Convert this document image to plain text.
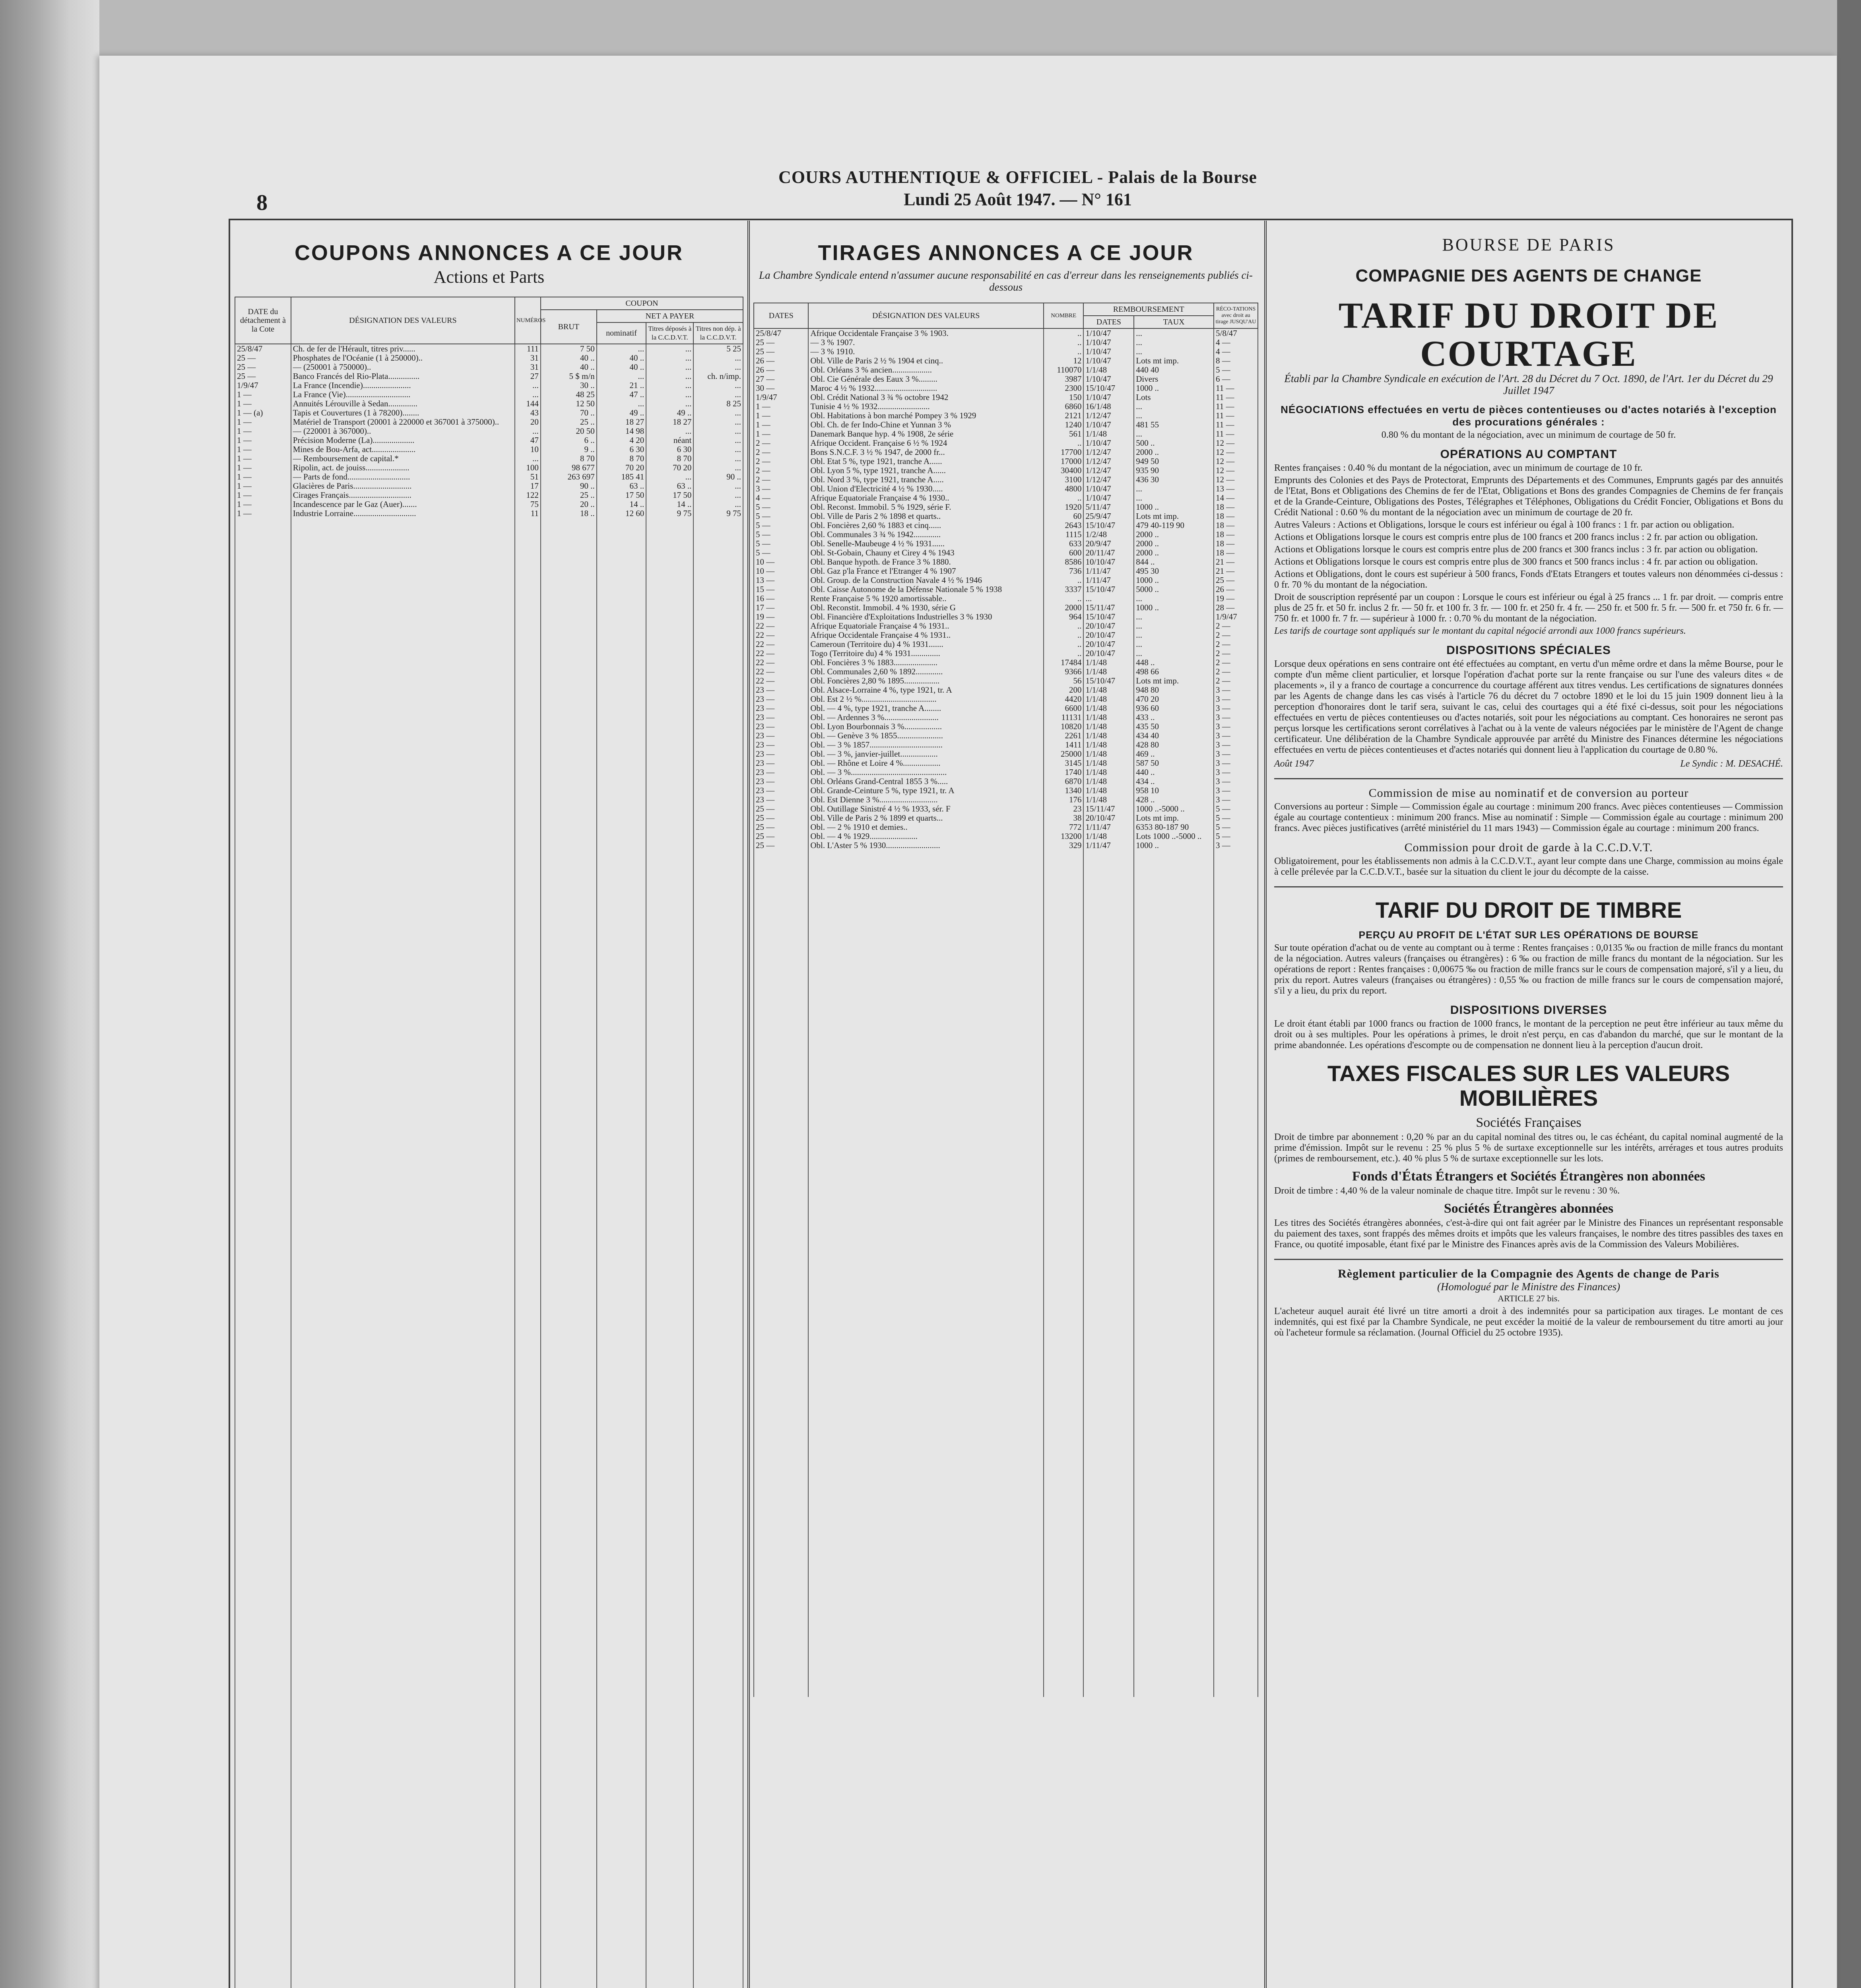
8
COURS AUTHENTIQUE & OFFICIEL - Palais de la Bourse
Lundi 25 Août 1947. — N° 161
COUPONS ANNONCES A CE JOUR
Actions et Parts
DATE du détachement à la Cote	DÉSIGNATION DES VALEURS	NUMÉROS	COUPON			
			BRUT	NET A PAYER		
				nominatif	Titres déposés à la C.C.D.V.T.	Titres non dép. à la C.C.D.V.T.
25/8/47	Ch. de fer de l'Hérault, titres priv......	111	7 50	...	...	5 25
25 —	Phosphates de l'Océanie (1 à 250000)..	31	40 ..	40 ..	...	...
25 —	— (250001 à 750000)..	31	40 ..	40 ..	...	...
25 —	Banco Francés del Rio-Plata...............	27	5 $ m/n	...	...	ch. n/imp.
1/9/47	La France (Incendie).......................	...	30 ..	21 ..	...	...
1 —	La France (Vie)...............................	...	48 25	47 ..	...	...
1 —	Annuités Lérouville à Sedan..............	144	12 50	...	...	8 25
1 — (a)	Tapis et Couvertures (1 à 78200)........	43	70 ..	49 ..	49 ..	...
1 —	Matériel de Transport (20001 à 220000 et 367001 à 375000)..	20	25 ..	18 27	18 27	...
1 —	— (220001 à 367000)..	...	20 50	14 98	...	...
1 —	Précision Moderne (La)....................	47	6 ..	4 20	néant	...
1 —	Mines de Bou-Arfa, act.....................	10	9 ..	6 30	6 30	...
1 —	— Remboursement de capital.*	...	8 70	8 70	8 70	...
1 —	Ripolin, act. de jouiss.....................	100	98 677	70 20	70 20	...
1 —	— Parts de fond..............................	51	263 697	185 41	...	90 ..
1 —	Glacières de Paris............................	17	90 ..	63 ..	63 ..	...
1 —	Cirages Français..............................	122	25 ..	17 50	17 50	...
1 —	Incandescence par le Gaz (Auer).......	75	20 ..	14 ..	14 ..	...
1 —	Industrie Lorraine..............................	11	18 ..	12 60	9 75	9 75

TIRAGES ANNONCES A CE JOUR
La Chambre Syndicale entend n'assumer aucune responsabilité en cas d'erreur dans les renseignements publiés ci-dessous
DATES	DÉSIGNATION DES VALEURS	NOMBRE	REMBOURSEMENT		RÉCO-TATIONS avec droit au tirage JUSQU'AU
			DATES	TAUX	
25/8/47	Afrique Occidentale Française 3 % 1903.	..	1/10/47	...	5/8/47
25 —	— 3 % 1907.	..	1/10/47	...	4 —
25 —	— 3 % 1910.	..	1/10/47	...	4 —
26 —	Obl. Ville de Paris 2 ½ % 1904 et cinq..	12	1/10/47	Lots mt imp.	8 —
26 —	Obl. Orléans 3 % ancien...................	110070	1/1/48	440 40	5 —
27 —	Obl. Cie Générale des Eaux 3 %.........	3987	1/10/47	Divers	6 —
30 —	Maroc 4 ½ % 1932..............................	2300	15/10/47	1000 ..	11 —
1/9/47	Obl. Crédit National 3 ¾ % octobre 1942	150	1/10/47	Lots	11 —
1 —	Tunisie 4 ½ % 1932.........................	6860	16/1/48	...	11 —
1 —	Obl. Habitations à bon marché Pompey 3 % 1929	2121	1/12/47	...	11 —
1 —	Obl. Ch. de fer Indo-Chine et Yunnan 3 %	1240	1/10/47	481 55	11 —
1 —	Danemark Banque hyp. 4 % 1908, 2e série	561	1/1/48	...	11 —
2 —	Afrique Occident. Française 6 ½ % 1924	..	1/10/47	500 ..	12 —
2 —	Bons S.N.C.F. 3 ½ % 1947, de 2000 fr...	17700	1/12/47	2000 ..	12 —
2 —	Obl. Etat 5 %, type 1921, tranche A......	17000	1/12/47	949 50	12 —
2 —	Obl. Lyon 5 %, type 1921, tranche A......	30400	1/12/47	935 90	12 —
2 —	Obl. Nord 3 %, type 1921, tranche A.....	3100	1/12/47	436 30	12 —
3 —	Obl. Union d'Electricité 4 ½ % 1930.....	4800	1/10/47	...	13 —
4 —	Afrique Equatoriale Française 4 % 1930..	..	1/10/47	...	14 —
5 —	Obl. Reconst. Immobil. 5 % 1929, série F.	1920	5/11/47	1000 ..	18 —
5 —	Obl. Ville de Paris 2 % 1898 et quarts..	60	25/9/47	Lots mt imp.	18 —
5 —	Obl. Foncières 2,60 % 1883 et cinq......	2643	15/10/47	479 40-119 90	18 —
5 —	Obl. Communales 3 ¾ % 1942.............	1115	1/2/48	2000 ..	18 —
5 —	Obl. Senelle-Maubeuge 4 ½ % 1931......	633	20/9/47	2000 ..	18 —
5 —	Obl. St-Gobain, Chauny et Cirey 4 % 1943	600	20/11/47	2000 ..	18 —
10 —	Obl. Banque hypoth. de France 3 % 1880.	8586	10/10/47	844 ..	21 —
10 —	Obl. Gaz p'la France et l'Etranger 4 % 1907	736	1/11/47	495 30	21 —
13 —	Obl. Group. de la Construction Navale 4 ½ % 1946	..	1/11/47	1000 ..	25 —
15 —	Obl. Caisse Autonome de la Défense Nationale 5 % 1938	3337	15/10/47	5000 ..	26 —
16 —	Rente Française 5 % 1920 amortissable..	..	...	...	19 —
17 —	Obl. Reconstit. Immobil. 4 % 1930, série G	2000	15/11/47	1000 ..	28 —
19 —	Obl. Financière d'Exploitations Industrielles 3 % 1930	964	15/10/47	...	1/9/47
22 —	Afrique Equatoriale Française 4 % 1931..	..	20/10/47	...	2 —
22 —	Afrique Occidentale Française 4 % 1931..	..	20/10/47	...	2 —
22 —	Cameroun (Territoire du) 4 % 1931.......	..	20/10/47	...	2 —
22 —	Togo (Territoire du) 4 % 1931..............	..	20/10/47	...	2 —
22 —	Obl. Foncières 3 % 1883.....................	17484	1/1/48	448 ..	2 —
22 —	Obl. Communales 2,60 % 1892.............	9366	1/1/48	498 66	2 —
22 —	Obl. Foncières 2,80 % 1895.................	56	15/10/47	Lots mt imp.	2 —
23 —	Obl. Alsace-Lorraine 4 %, type 1921, tr. A	200	1/1/48	948 80	3 —
23 —	Obl. Est 2 ½ %....................................	4420	1/1/48	470 20	3 —
23 —	Obl. — 4 %, type 1921, tranche A........	6600	1/1/48	936 60	3 —
23 —	Obl. — Ardennes 3 %..........................	11131	1/1/48	433 ..	3 —
23 —	Obl. Lyon Bourbonnais 3 %..................	10820	1/1/48	435 50	3 —
23 —	Obl. — Genève 3 % 1855......................	2261	1/1/48	434 40	3 —
23 —	Obl. — 3 % 1857...................................	1411	1/1/48	428 80	3 —
23 —	Obl. — 3 %, janvier-juillet..................	25000	1/1/48	469 ..	3 —
23 —	Obl. — Rhône et Loire 4 %..................	3145	1/1/48	587 50	3 —
23 —	Obl. — 3 %..............................................	1740	1/1/48	440 ..	3 —
23 —	Obl. Orléans Grand-Central 1855 3 %.....	6870	1/1/48	434 ..	3 —
23 —	Obl. Grande-Ceinture 5 %, type 1921, tr. A	1340	1/1/48	958 10	3 —
23 —	Obl. Est Dienne 3 %............................	176	1/1/48	428 ..	3 —
25 —	Obl. Outillage Sinistré 4 ½ % 1933, sér. F	23	15/11/47	1000 ..-5000 ..	5 —
25 —	Obl. Ville de Paris 2 % 1899 et quarts...	38	20/10/47	Lots mt imp.	5 —
25 —	Obl. — 2 % 1910 et demies..	772	1/11/47	6353 80-187 90	5 —
25 —	Obl. — 4 % 1929.......................	13200	1/1/48	Lots 1000 ..-5000 ..	5 —
25 —	Obl. L'Aster 5 % 1930..........................	329	1/11/47	1000 ..	3 —

BOURSE DE PARIS
COMPAGNIE DES AGENTS DE CHANGE
TARIF DU DROIT DE COURTAGE
Établi par la Chambre Syndicale en exécution de l'Art. 28 du Décret du 7 Oct. 1890, de l'Art. 1er du Décret du 29 Juillet 1947
NÉGOCIATIONS effectuées en vertu de pièces contentieuses ou d'actes notariés à l'exception des procurations générales :
0.80 % du montant de la négociation, avec un minimum de courtage de 50 fr.
OPÉRATIONS AU COMPTANT
Rentes françaises : 0.40 % du montant de la négociation, avec un minimum de courtage de 10 fr.
Emprunts des Colonies et des Pays de Protectorat, Emprunts des Départements et des Communes, Emprunts gagés par des annuités de l'Etat, Bons et Obligations des Chemins de fer de l'Etat, Obligations et Bons des grandes Compagnies de Chemins de fer français et de la Grande-Ceinture, Obligations des Postes, Télégraphes et Téléphones, Obligations du Crédit Foncier, Obligations et Bons du Crédit National : 0.60 % du montant de la négociation avec un minimum de courtage de 20 fr.
Autres Valeurs : Actions et Obligations, lorsque le cours est inférieur ou égal à 100 francs : 1 fr. par action ou obligation.
Actions et Obligations lorsque le cours est compris entre plus de 100 francs et 200 francs inclus : 2 fr. par action ou obligation.
Actions et Obligations lorsque le cours est compris entre plus de 200 francs et 300 francs inclus : 3 fr. par action ou obligation.
Actions et Obligations lorsque le cours est compris entre plus de 300 francs et 500 francs inclus : 4 fr. par action ou obligation.
Actions et Obligations, dont le cours est supérieur à 500 francs, Fonds d'Etats Etrangers et toutes valeurs non dénommées ci-dessus : 0 fr. 70 % du montant de la négociation.
Droit de souscription représenté par un coupon : Lorsque le cours est inférieur ou égal à 25 francs ... 1 fr. par droit. — compris entre plus de 25 fr. et 50 fr. inclus 2 fr. — 50 fr. et 100 fr. 3 fr. — 100 fr. et 250 fr. 4 fr. — 250 fr. et 500 fr. 5 fr. — 500 fr. et 750 fr. 6 fr. — 750 fr. et 1000 fr. 7 fr. — supérieur à 1000 fr. : 0.70 % du montant de la négociation.
Les tarifs de courtage sont appliqués sur le montant du capital négocié arrondi aux 1000 francs supérieurs.
DISPOSITIONS SPÉCIALES
Lorsque deux opérations en sens contraire ont été effectuées au comptant, en vertu d'un même ordre et dans la même Bourse, pour le compte d'un même client particulier, et lorsque l'opération d'achat porte sur la rente française ou sur l'une des valeurs dites « de placements », il y a franco de courtage a concurrence du courtage afférent aux titres vendus. Les certifications de signatures données par les Agents de change dans les cas visés à l'article 76 du décret du 7 octobre 1890 et le loi du 15 juin 1909 donnent lieu à la perception d'honoraires dont le tarif sera, suivant le cas, celui des courtages qui a été fixé ci-dessus, soit pour les négociations effectuées en vertu de pièces contentieuses ou d'actes notariés, soit pour les négociations au comptant. Ces honoraires ne seront pas perçus lorsque les certifications seront corrélatives à l'achat ou à la vente de valeurs négociées par le ministère de l'Agent de change certificateur. Une délibération de la Chambre Syndicale approuvée par arrêté du Ministre des Finances détermine les négociations effectuées en vertu de pièces contentieuses et d'actes notariés qui donnent lieu à l'application du courtage de 0.80 %.
Août 1947	Le Syndic : M. DESACHÉ.
Commission de mise au nominatif et de conversion au porteur
Conversions au porteur : Simple — Commission égale au courtage : minimum 200 francs. Avec pièces contentieuses — Commission égale au courtage contentieux : minimum 200 francs. Mise au nominatif : Simple — Commission égale au courtage : minimum 200 francs. Avec pièces justificatives (arrêté ministériel du 11 mars 1943) — Commission égale au courtage : minimum 200 francs.
Commission pour droit de garde à la C.C.D.V.T.
Obligatoirement, pour les établissements non admis à la C.C.D.V.T., ayant leur compte dans une Charge, commission au moins égale à celle prélevée par la C.C.D.V.T., basée sur la situation du client le jour du décompte de la caisse.
TARIF DU DROIT DE TIMBRE
PERÇU AU PROFIT DE L'ÉTAT SUR LES OPÉRATIONS DE BOURSE
Sur toute opération d'achat ou de vente au comptant ou à terme : Rentes françaises : 0,0135 ‰ ou fraction de mille francs du montant de la négociation. Autres valeurs (françaises ou étrangères) : 6 ‰ ou fraction de mille francs du montant de la négociation. Sur les opérations de report : Rentes françaises : 0,00675 ‰ ou fraction de mille francs sur le cours de compensation majoré, s'il y a lieu, du prix du report. Autres valeurs (françaises ou étrangères) : 0,55 ‰ ou fraction de mille francs sur le cours de compensation majoré, s'il y a lieu, du prix du report.
DISPOSITIONS DIVERSES
Le droit étant établi par 1000 francs ou fraction de 1000 francs, le montant de la perception ne peut être inférieur au taux même du droit ou à ses multiples. Pour les opérations à primes, le droit n'est perçu, en cas d'abandon du marché, que sur le montant de la prime abandonnée. Les opérations d'escompte ou de compensation ne donnent lieu à la perception d'aucun droit.
TAXES FISCALES SUR LES VALEURS MOBILIÈRES
Sociétés Françaises
Droit de timbre par abonnement : 0,20 % par an du capital nominal des titres ou, le cas échéant, du capital nominal augmenté de la prime d'émission. Impôt sur le revenu : 25 % plus 5 % de surtaxe exceptionnelle sur les intérêts, arrérages et tous autres produits (primes de remboursement, etc.). 40 % plus 5 % de surtaxe exceptionnelle sur les lots.
Fonds d'États Étrangers et Sociétés Étrangères non abonnées
Droit de timbre : 4,40 % de la valeur nominale de chaque titre. Impôt sur le revenu : 30 %.
Sociétés Étrangères abonnées
Les titres des Sociétés étrangères abonnées, c'est-à-dire qui ont fait agréer par le Ministre des Finances un représentant responsable du paiement des taxes, sont frappés des mêmes droits et impôts que les valeurs françaises, le nombre des titres passibles des taxes en France, ou quotité imposable, étant fixé par le Ministre des Finances après avis de la Commission des Valeurs Mobilières.
Règlement particulier de la Compagnie des Agents de change de Paris
(Homologué par le Ministre des Finances)
ARTICLE 27 bis.
L'acheteur auquel aurait été livré un titre amorti a droit à des indemnités pour sa participation aux tirages. Le montant de ces indemnités, qui est fixé par la Chambre Syndicale, ne peut excéder la moitié de la valeur de remboursement du titre amorti au jour où l'acheteur formule sa réclamation. (Journal Officiel du 25 octobre 1935).
